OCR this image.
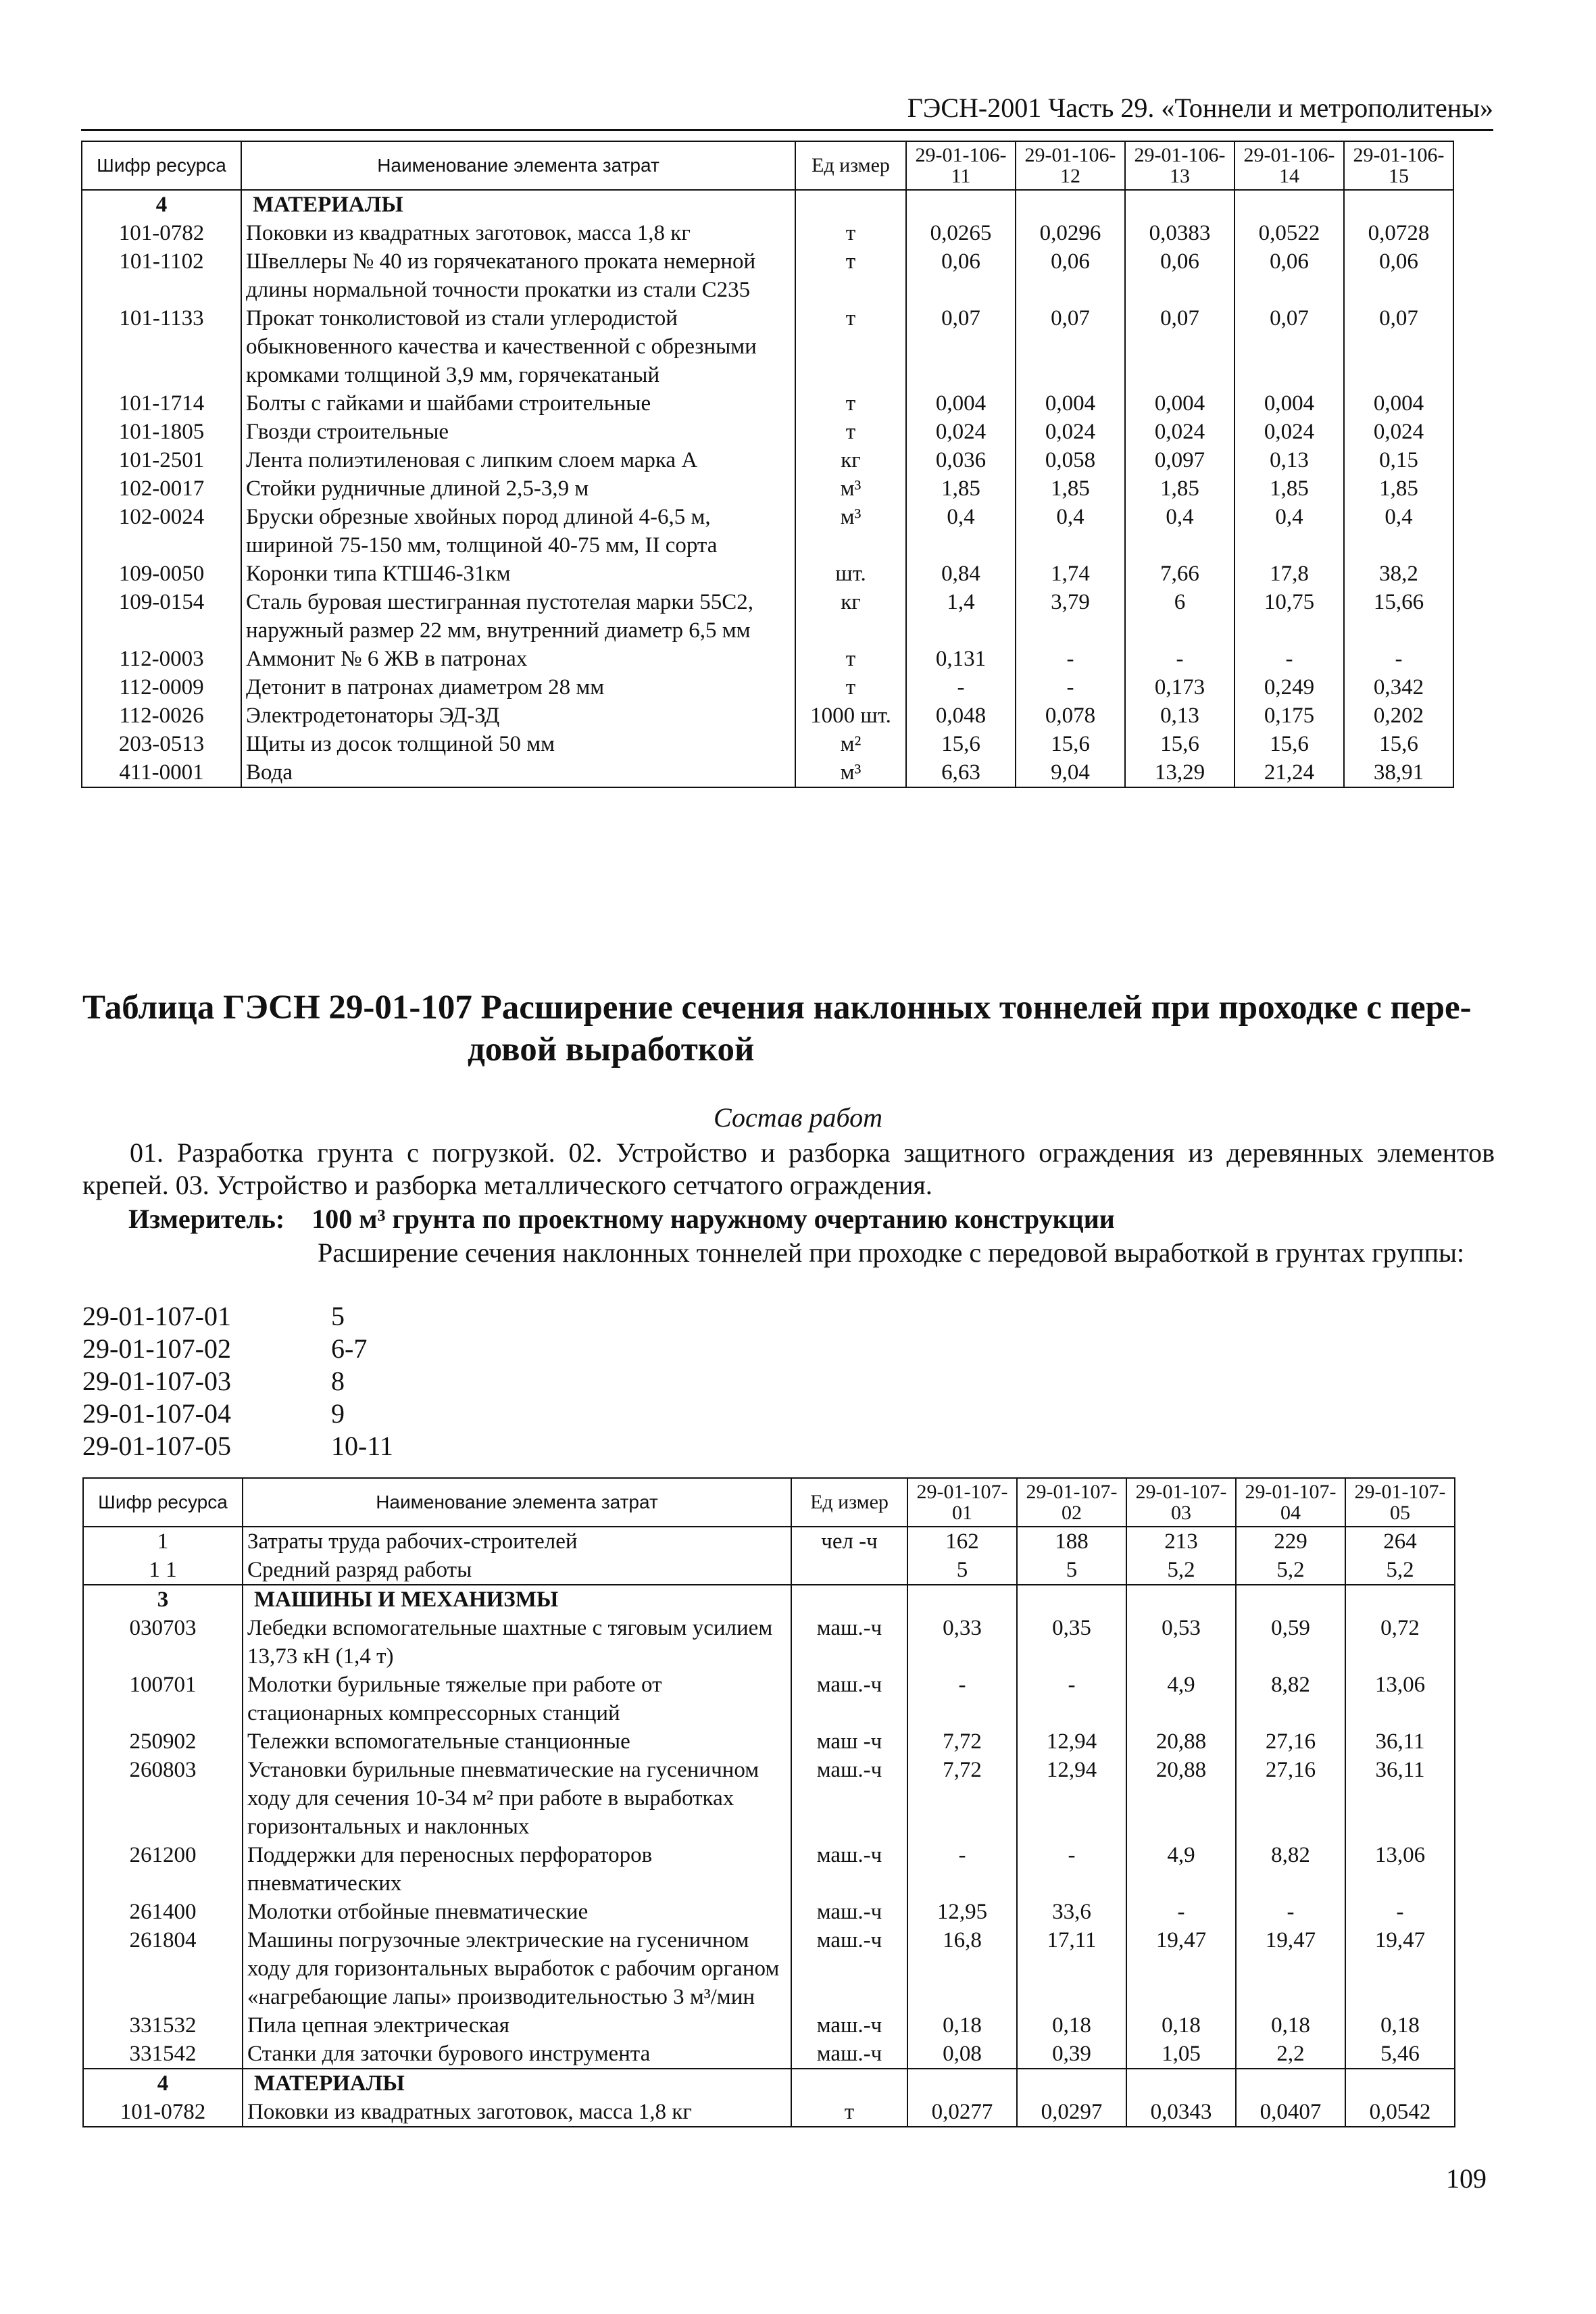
ГЭСН-2001 Часть 29. «Тоннели и метрополитены»
Шифр ресурса	Наименование элемента затрат	Ед измер	29-01-106-11	29-01-106-12	29-01-106-13	29-01-106-14	29-01-106-15
4	МАТЕРИАЛЫ						
101-0782	Поковки из квадратных заготовок, масса 1,8 кг	т	0,0265	0,0296	0,0383	0,0522	0,0728
101-1102	Швеллеры № 40 из горячекатаного проката немерной длины нормальной точности прокатки из стали С235	т	0,06	0,06	0,06	0,06	0,06
101-1133	Прокат тонколистовой из стали углеродистой обыкновенного качества и качественной с обрезными кромками толщиной 3,9 мм, горячекатаный	т	0,07	0,07	0,07	0,07	0,07
101-1714	Болты с гайками и шайбами строительные	т	0,004	0,004	0,004	0,004	0,004
101-1805	Гвозди строительные	т	0,024	0,024	0,024	0,024	0,024
101-2501	Лента полиэтиленовая с липким слоем марка А	кг	0,036	0,058	0,097	0,13	0,15
102-0017	Стойки рудничные длиной 2,5-3,9 м	м³	1,85	1,85	1,85	1,85	1,85
102-0024	Бруски обрезные хвойных пород длиной 4-6,5 м, шириной 75-150 мм, толщиной 40-75 мм, II сорта	м³	0,4	0,4	0,4	0,4	0,4
109-0050	Коронки типа КТШ46-31км	шт.	0,84	1,74	7,66	17,8	38,2
109-0154	Сталь буровая шестигранная пустотелая марки 55С2, наружный размер 22 мм, внутренний диаметр 6,5 мм	кг	1,4	3,79	6	10,75	15,66
112-0003	Аммонит № 6 ЖВ в патронах	т	0,131	-	-	-	-
112-0009	Детонит в патронах диаметром 28 мм	т	-	-	0,173	0,249	0,342
112-0026	Электродетонаторы ЭД-ЗД	1000 шт.	0,048	0,078	0,13	0,175	0,202
203-0513	Щиты из досок толщиной 50 мм	м²	15,6	15,6	15,6	15,6	15,6
411-0001	Вода	м³	6,63	9,04	13,29	21,24	38,91
Таблица ГЭСН 29-01-107 Расширение сечения наклонных тоннелей при проходке с пере-
довой выработкой
Состав работ
01. Разработка грунта с погрузкой. 02. Устройство и разборка защитного ограждения из деревянных элементов крепей. 03. Устройство и разборка металлического сетчатого ограждения.
Измеритель: 100 м³ грунта по проектному наружному очертанию конструкции
Расширение сечения наклонных тоннелей при проходке с передовой выработкой в грунтах группы:
29-01-107-01	5
29-01-107-02	6-7
29-01-107-03	8
29-01-107-04	9
29-01-107-05	10-11
Шифр ресурса	Наименование элемента затрат	Ед измер	29-01-107-01	29-01-107-02	29-01-107-03	29-01-107-04	29-01-107-05
1	Затраты труда рабочих-строителей	чел -ч	162	188	213	229	264
1 1	Средний разряд работы		5	5	5,2	5,2	5,2
3	МАШИНЫ И МЕХАНИЗМЫ						
030703	Лебедки вспомогательные шахтные с тяговым усилием 13,73 кН (1,4 т)	маш.-ч	0,33	0,35	0,53	0,59	0,72
100701	Молотки бурильные тяжелые при работе от стационарных компрессорных станций	маш.-ч	-	-	4,9	8,82	13,06
250902	Тележки вспомогательные станционные	маш -ч	7,72	12,94	20,88	27,16	36,11
260803	Установки бурильные пневматические на гусеничном ходу для сечения 10-34 м² при работе в выработках горизонтальных и наклонных	маш.-ч	7,72	12,94	20,88	27,16	36,11
261200	Поддержки для переносных перфораторов пневматических	маш.-ч	-	-	4,9	8,82	13,06
261400	Молотки отбойные пневматические	маш.-ч	12,95	33,6	-	-	-
261804	Машины погрузочные электрические на гусеничном ходу для горизонтальных выработок с рабочим органом «нагребающие лапы» производительностью 3 м³/мин	маш.-ч	16,8	17,11	19,47	19,47	19,47
331532	Пила цепная электрическая	маш.-ч	0,18	0,18	0,18	0,18	0,18
331542	Станки для заточки бурового инструмента	маш.-ч	0,08	0,39	1,05	2,2	5,46
4	МАТЕРИАЛЫ						
101-0782	Поковки из квадратных заготовок, масса 1,8 кг	т	0,0277	0,0297	0,0343	0,0407	0,0542
109
